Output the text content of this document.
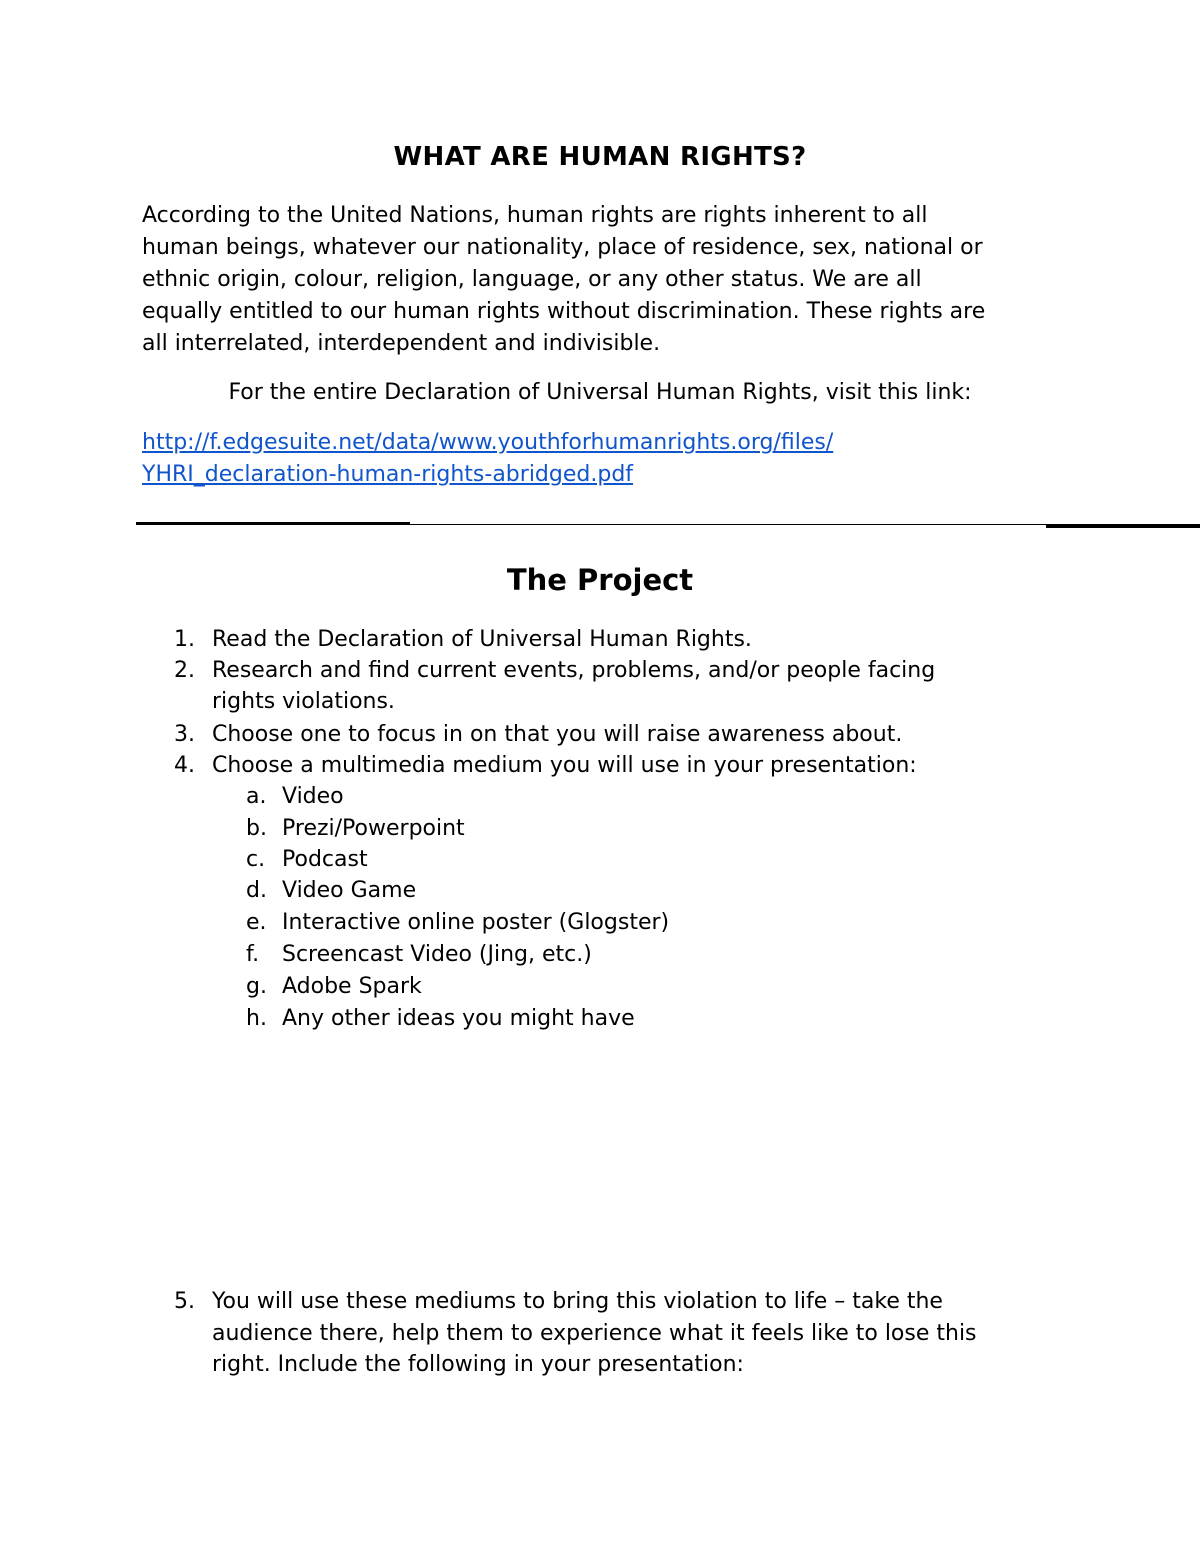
WHAT ARE HUMAN RIGHTS?
According to the United Nations, human rights are rights inherent to all
human beings, whatever our nationality, place of residence, sex, national or
ethnic origin, colour, religion, language, or any other status. We are all
equally entitled to our human rights without discrimination. These rights are
all interrelated, interdependent and indivisible.
For the entire Declaration of Universal Human Rights, visit this link:
http://f.edgesuite.net/data/www.youthforhumanrights.org/files/
YHRI_declaration-human-rights-abridged.pdf
The Project
1. Read the Declaration of Universal Human Rights.
2. Research and find current events, problems, and/or people facing
rights violations.
3. Choose one to focus in on that you will raise awareness about.
4. Choose a multimedia medium you will use in your presentation:
a. Video
b. Prezi/Powerpoint
c. Podcast
d. Video Game
e. Interactive online poster (Glogster)
f. Screencast Video (Jing, etc.)
g. Adobe Spark
h. Any other ideas you might have
5. You will use these mediums to bring this violation to life – take the
audience there, help them to experience what it feels like to lose this
right. Include the following in your presentation:
